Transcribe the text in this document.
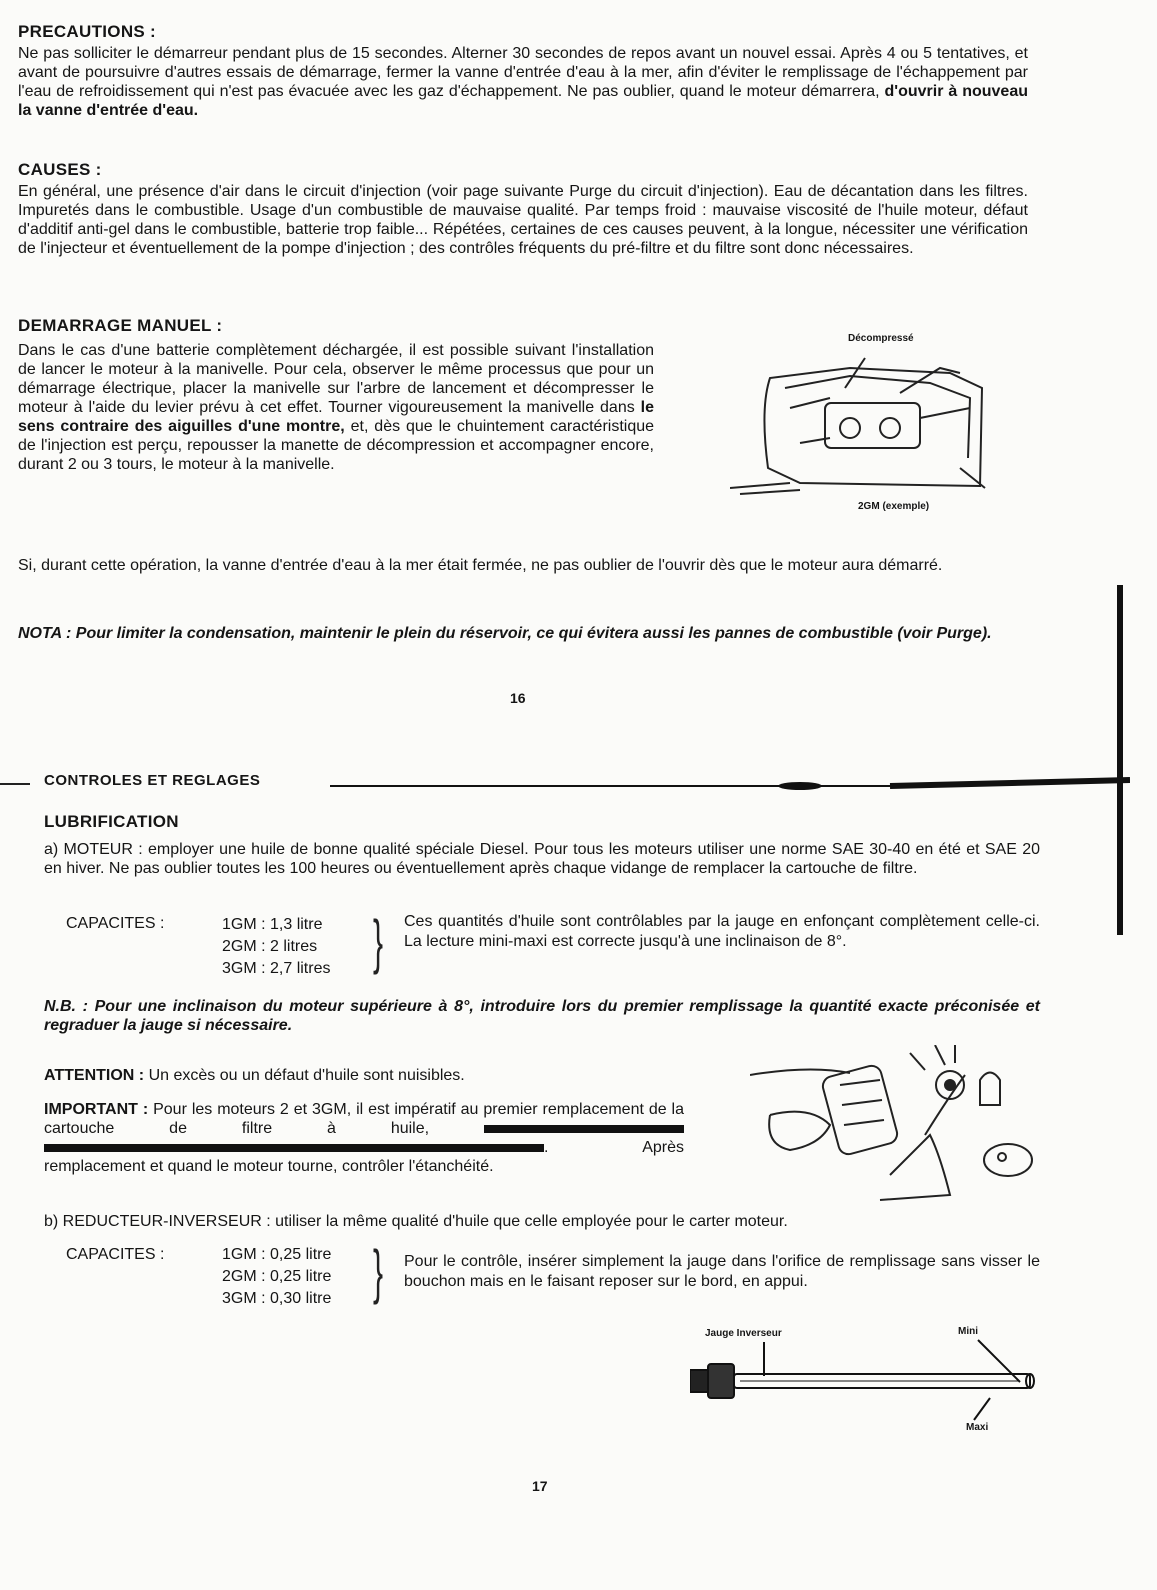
PRECAUTIONS :
Ne pas solliciter le démarreur pendant plus de 15 secondes. Alterner 30 secondes de repos avant un nouvel essai. Après 4 ou 5 tentatives, et avant de poursuivre d'autres essais de démarrage, fermer la vanne d'entrée d'eau à la mer, afin d'éviter le remplissage de l'échappement par l'eau de refroidissement qui n'est pas évacuée avec les gaz d'échappement. Ne pas oublier, quand le moteur démarrera, d'ouvrir à nouveau la vanne d'entrée d'eau.
CAUSES :
En général, une présence d'air dans le circuit d'injection (voir page suivante Purge du circuit d'injection). Eau de décantation dans les filtres. Impuretés dans le combustible. Usage d'un combustible de mauvaise qualité. Par temps froid : mauvaise viscosité de l'huile moteur, défaut d'additif anti-gel dans le combustible, batterie trop faible... Répétées, certaines de ces causes peuvent, à la longue, nécessiter une vérification de l'injecteur et éventuellement de la pompe d'injection ; des contrôles fréquents du pré-filtre et du filtre sont donc nécessaires.
DEMARRAGE MANUEL :
Dans le cas d'une batterie complètement déchargée, il est possible suivant l'installation de lancer le moteur à la manivelle. Pour cela, observer le même processus que pour un démarrage électrique, placer la manivelle sur l'arbre de lancement et décompresser le moteur à l'aide du levier prévu à cet effet. Tourner vigoureusement la manivelle dans le sens contraire des aiguilles d'une montre, et, dès que le chuintement caractéristique de l'injection est perçu, repousser la manette de décompression et accompagner encore, durant 2 ou 3 tours, le moteur à la manivelle.
Décompressé
2GM (exemple)
Si, durant cette opération, la vanne d'entrée d'eau à la mer était fermée, ne pas oublier de l'ouvrir dès que le moteur aura démarré.
NOTA : Pour limiter la condensation, maintenir le plein du réservoir, ce qui évitera aussi les pannes de combustible (voir Purge).
16
CONTROLES ET REGLAGES
LUBRIFICATION
a) MOTEUR : employer une huile de bonne qualité spéciale Diesel. Pour tous les moteurs utiliser une norme SAE 30-40 en été et SAE 20 en hiver. Ne pas oublier toutes les 100 heures ou éventuellement après chaque vidange de remplacer la cartouche de filtre.
CAPACITES :	1GM : 1,3 litre
2GM : 2 litres
3GM : 2,7 litres } Ces quantités d'huile sont contrôlables par la jauge en enfonçant complètement celle-ci. La lecture mini-maxi est correcte jusqu'à une inclinaison de 8°.
N.B. : Pour une inclinaison du moteur supérieure à 8°, introduire lors du premier remplissage la quantité exacte préconisée et regraduer la jauge si nécessaire.
ATTENTION : Un excès ou un défaut d'huile sont nuisibles.
IMPORTANT : Pour les moteurs 2 et 3GM, il est impératif au premier remplacement de la cartouche de filtre à huile,  . Après remplacement et quand le moteur tourne, contrôler l'étanchéité.
b) REDUCTEUR-INVERSEUR : utiliser la même qualité d'huile que celle employée pour le carter moteur.
CAPACITES :	1GM : 0,25 litre
2GM : 0,25 litre
3GM : 0,30 litre } Pour le contrôle, insérer simplement la jauge dans l'orifice de remplissage sans visser le bouchon mais en le faisant reposer sur le bord, en appui.
Jauge Inverseur	Mini
Maxi
17
